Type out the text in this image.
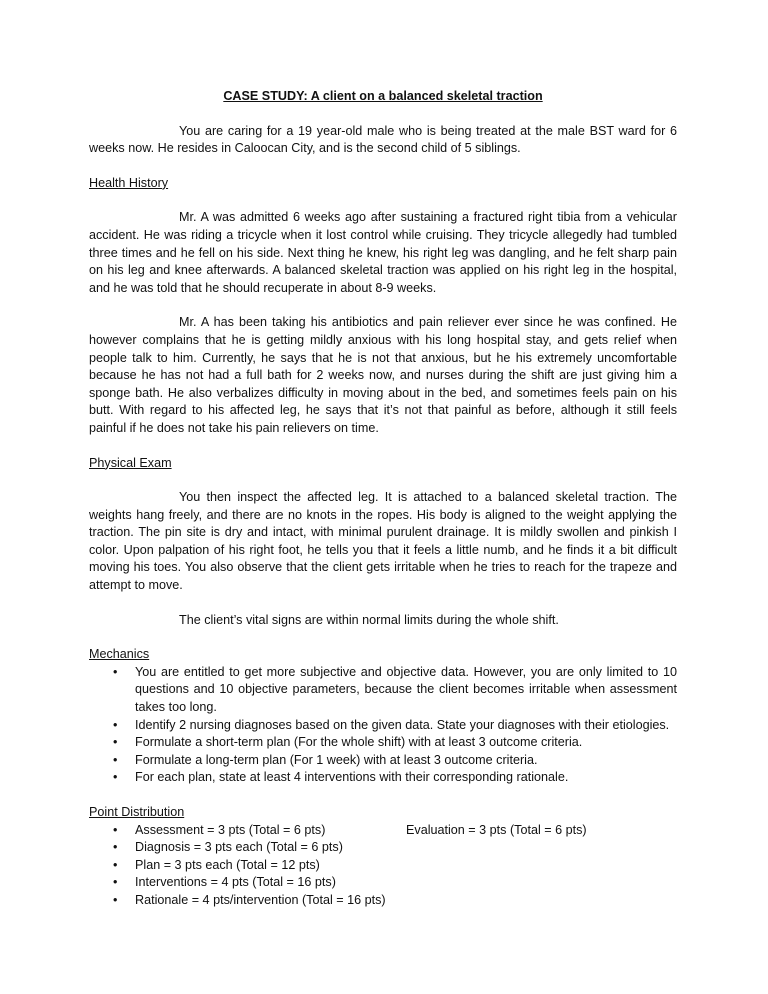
CASE STUDY: A client on a balanced skeletal traction

You are caring for a 19 year-old male who is being treated at the male BST ward for 6 weeks now. He resides in Caloocan City, and is the second child of 5 siblings.

Health History

Mr. A was admitted 6 weeks ago after sustaining a fractured right tibia from a vehicular accident. He was riding a tricycle when it lost control while cruising. They tricycle allegedly had tumbled three times and he fell on his side. Next thing he knew, his right leg was dangling, and he felt sharp pain on his leg and knee afterwards. A balanced skeletal traction was applied on his right leg in the hospital, and he was told that he should recuperate in about 8-9 weeks.

Mr. A has been taking his antibiotics and pain reliever ever since he was confined. He however complains that he is getting mildly anxious with his long hospital stay, and gets relief when people talk to him. Currently, he says that he is not that anxious, but he his extremely uncomfortable because he has not had a full bath for 2 weeks now, and nurses during the shift are just giving him a sponge bath. He also verbalizes difficulty in moving about in the bed, and sometimes feels pain on his butt. With regard to his affected leg, he says that it’s not that painful as before, although it still feels painful if he does not take his pain relievers on time.

Physical Exam

You then inspect the affected leg. It is attached to a balanced skeletal traction. The weights hang freely, and there are no knots in the ropes. His body is aligned to the weight applying the traction. The pin site is dry and intact, with minimal purulent drainage. It is mildly swollen and pinkish I color. Upon palpation of his right foot, he tells you that it feels a little numb, and he finds it a bit difficult moving his toes. You also observe that the client gets irritable when he tries to reach for the trapeze and attempt to move.

The client’s vital signs are within normal limits during the whole shift.

Mechanics
• You are entitled to get more subjective and objective data. However, you are only limited to 10 questions and 10 objective parameters, because the client becomes irritable when assessment takes too long.
• Identify 2 nursing diagnoses based on the given data. State your diagnoses with their etiologies.
• Formulate a short-term plan (For the whole shift) with at least 3 outcome criteria.
• Formulate a long-term plan (For 1 week) with at least 3 outcome criteria.
• For each plan, state at least 4 interventions with their corresponding rationale.
Point Distribution
• Assessment = 3 pts (Total = 6 pts)
• Diagnosis = 3 pts each (Total = 6 pts)
• Plan = 3 pts each (Total = 12 pts)
• Interventions = 4 pts (Total = 16 pts)
• Rationale = 4 pts/intervention (Total = 16 pts)
Evaluation = 3 pts (Total = 6 pts)
